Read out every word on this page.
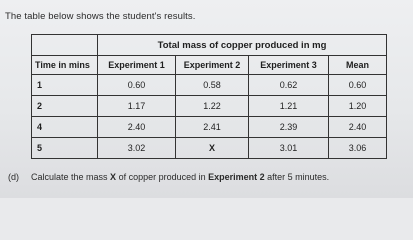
The table below shows the student's results.
	Total mass of copper produced in mg			
Time in mins	Experiment 1	Experiment 2	Experiment 3	Mean
1	0.60	0.58	0.62	0.60
2	1.17	1.22	1.21	1.20
4	2.40	2.41	2.39	2.40
5	3.02	X	3.01	3.06
(d) Calculate the mass X of copper produced in Experiment 2 after 5 minutes.
